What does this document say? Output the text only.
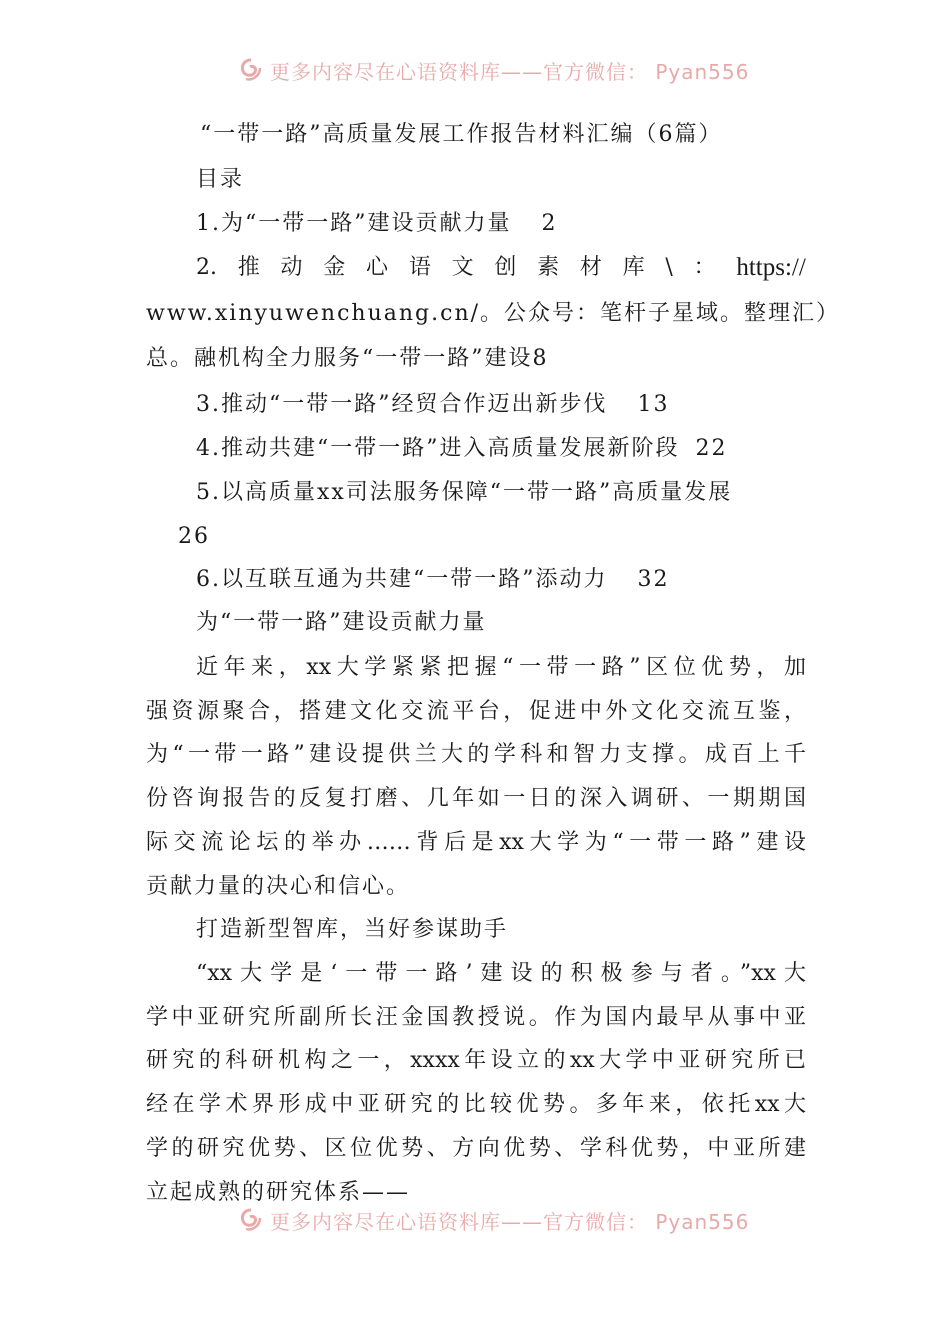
更多内容尽在心语资料库——官方微信： Pyan556
“一带一路”高质量发展工作报告材料汇编（6篇）
目录
1.为“一带一路”建设贡献力量 2
2. 推 动 金 心 语 文 创 素 材 库 \ ： https://
www.xinyuwenchuang.cn/。公众号：笔杆子星域。整理汇）
总。融机构全力服务“一带一路”建设8
3.推动“一带一路”经贸合作迈出新步伐 13
4.推动共建“一带一路”进入高质量发展新阶段 22
5.以高质量xx司法服务保障“一带一路”高质量发展
26
6.以互联互通为共建“一带一路”添动力 32
为“一带一路”建设贡献力量
近年来，xx大学紧紧把握“一带一路”区位优势，加
强资源聚合，搭建文化交流平台，促进中外文化交流互鉴，
为“一带一路”建设提供兰大的学科和智力支撑。成百上千
份咨询报告的反复打磨、几年如一日的深入调研、一期期国
际交流论坛的举办……背后是xx大学为“一带一路”建设
贡献力量的决心和信心。
打造新型智库，当好参谋助手
“xx大学是‘一带一路’建设的积极参与者。”xx大
学中亚研究所副所长汪金国教授说。作为国内最早从事中亚
研究的科研机构之一，xxxx年设立的xx大学中亚研究所已
经在学术界形成中亚研究的比较优势。多年来，依托xx大
学的研究优势、区位优势、方向优势、学科优势，中亚所建
立起成熟的研究体系——
更多内容尽在心语资料库——官方微信： Pyan556
